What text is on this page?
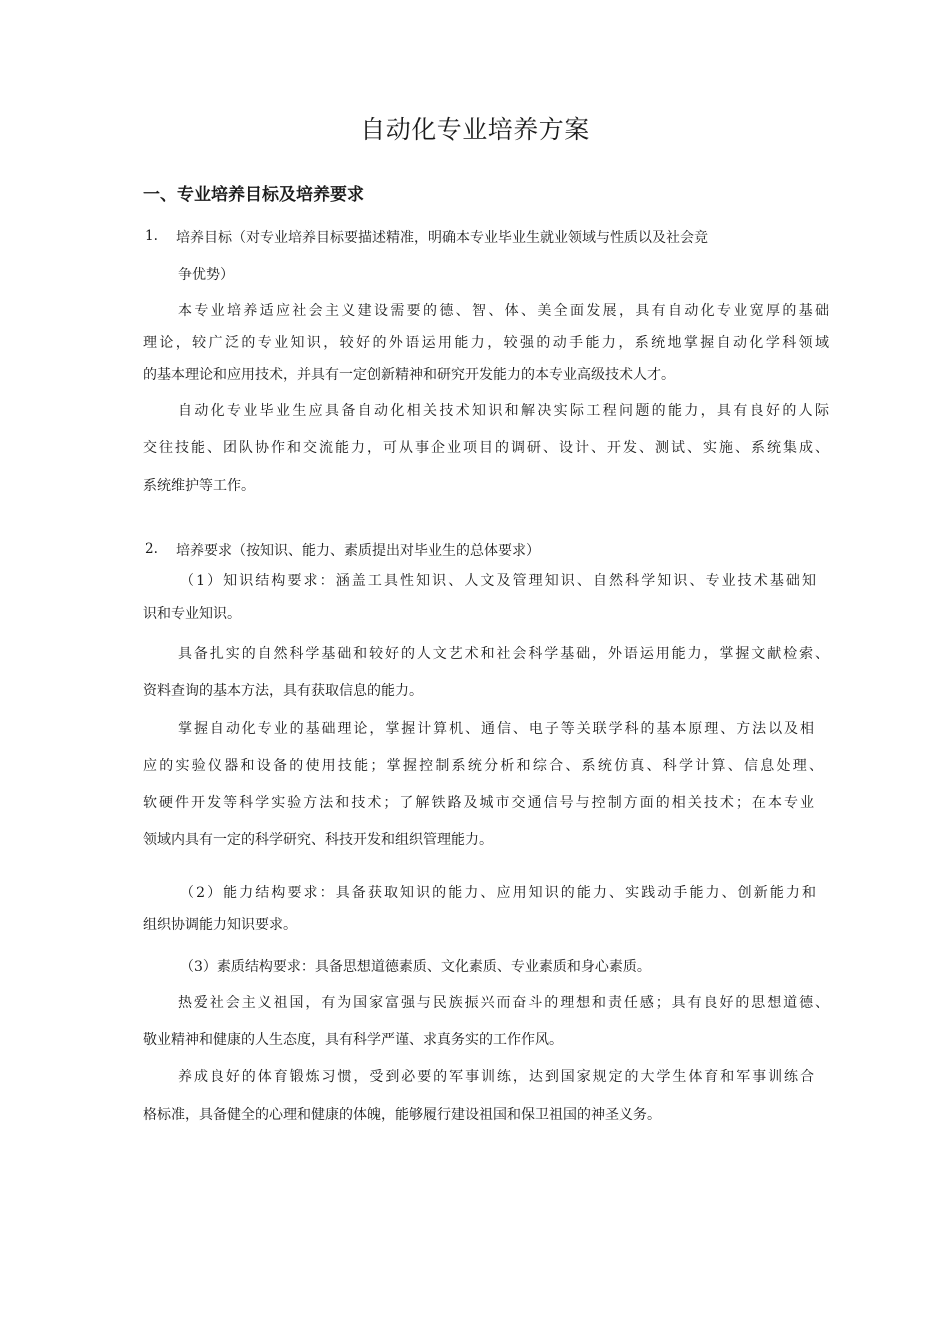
自动化专业培养方案
一、专业培养目标及培养要求
1. 培养目标（对专业培养目标要描述精准，明确本专业毕业生就业领域与性质以及社会竞
争优势）
本专业培养适应社会主义建设需要的德、智、体、美全面发展，具有自动化专业宽厚的基础
理论，较广泛的专业知识，较好的外语运用能力，较强的动手能力，系统地掌握自动化学科领域
的基本理论和应用技术，并具有一定创新精神和研究开发能力的本专业高级技术人才。
自动化专业毕业生应具备自动化相关技术知识和解决实际工程问题的能力，具有良好的人际
交往技能、团队协作和交流能力，可从事企业项目的调研、设计、开发、测试、实施、系统集成、
系统维护等工作。
2. 培养要求（按知识、能力、素质提出对毕业生的总体要求）
（1）知识结构要求：涵盖工具性知识、人文及管理知识、自然科学知识、专业技术基础知
识和专业知识。
具备扎实的自然科学基础和较好的人文艺术和社会科学基础，外语运用能力，掌握文献检索、
资料查询的基本方法，具有获取信息的能力。
掌握自动化专业的基础理论，掌握计算机、通信、电子等关联学科的基本原理、方法以及相
应的实验仪器和设备的使用技能；掌握控制系统分析和综合、系统仿真、科学计算、信息处理、
软硬件开发等科学实验方法和技术；了解铁路及城市交通信号与控制方面的相关技术；在本专业
领域内具有一定的科学研究、科技开发和组织管理能力。
（2）能力结构要求：具备获取知识的能力、应用知识的能力、实践动手能力、创新能力和
组织协调能力知识要求。
（3）素质结构要求：具备思想道德素质、文化素质、专业素质和身心素质。
热爱社会主义祖国，有为国家富强与民族振兴而奋斗的理想和责任感；具有良好的思想道德、
敬业精神和健康的人生态度，具有科学严谨、求真务实的工作作风。
养成良好的体育锻炼习惯，受到必要的军事训练，达到国家规定的大学生体育和军事训练合
格标准，具备健全的心理和健康的体魄，能够履行建设祖国和保卫祖国的神圣义务。
